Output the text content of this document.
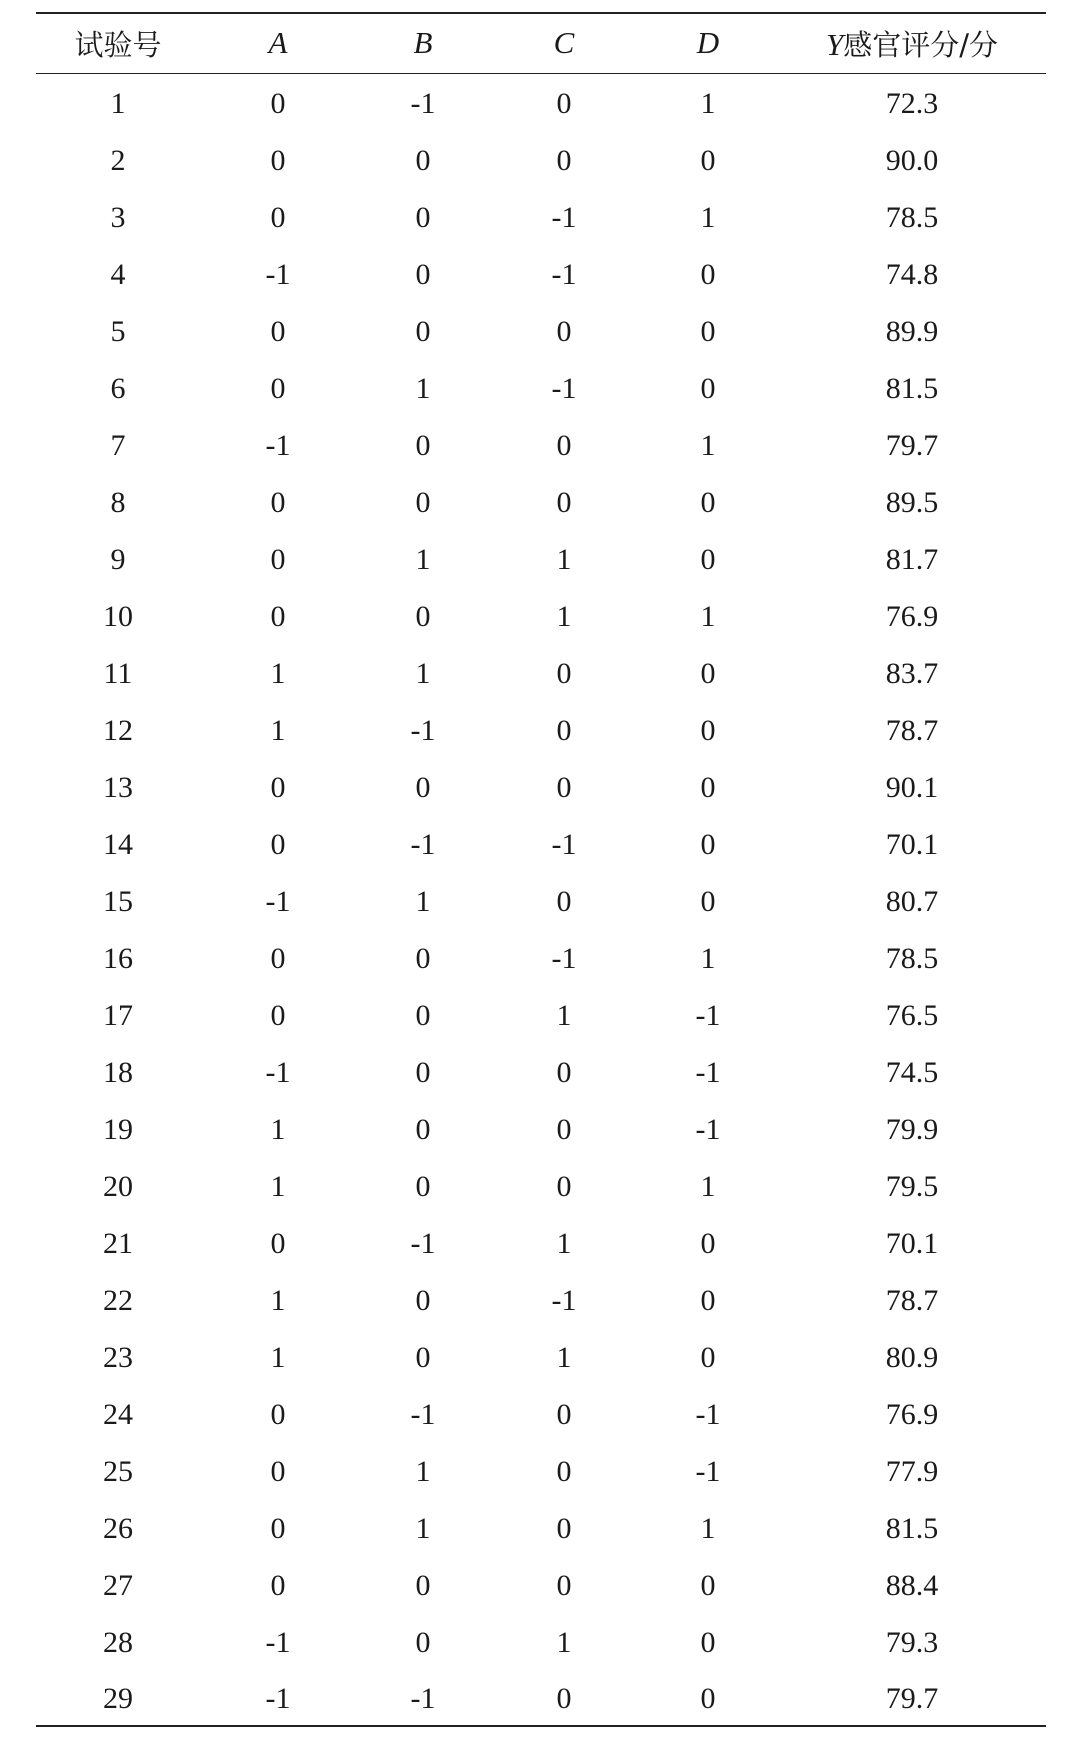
试验号	A	B	C	D	Y感官评分/分
1	0	-1	0	1	72.3
2	0	0	0	0	90.0
3	0	0	-1	1	78.5
4	-1	0	-1	0	74.8
5	0	0	0	0	89.9
6	0	1	-1	0	81.5
7	-1	0	0	1	79.7
8	0	0	0	0	89.5
9	0	1	1	0	81.7
10	0	0	1	1	76.9
11	1	1	0	0	83.7
12	1	-1	0	0	78.7
13	0	0	0	0	90.1
14	0	-1	-1	0	70.1
15	-1	1	0	0	80.7
16	0	0	-1	1	78.5
17	0	0	1	-1	76.5
18	-1	0	0	-1	74.5
19	1	0	0	-1	79.9
20	1	0	0	1	79.5
21	0	-1	1	0	70.1
22	1	0	-1	0	78.7
23	1	0	1	0	80.9
24	0	-1	0	-1	76.9
25	0	1	0	-1	77.9
26	0	1	0	1	81.5
27	0	0	0	0	88.4
28	-1	0	1	0	79.3
29	-1	-1	0	0	79.7
